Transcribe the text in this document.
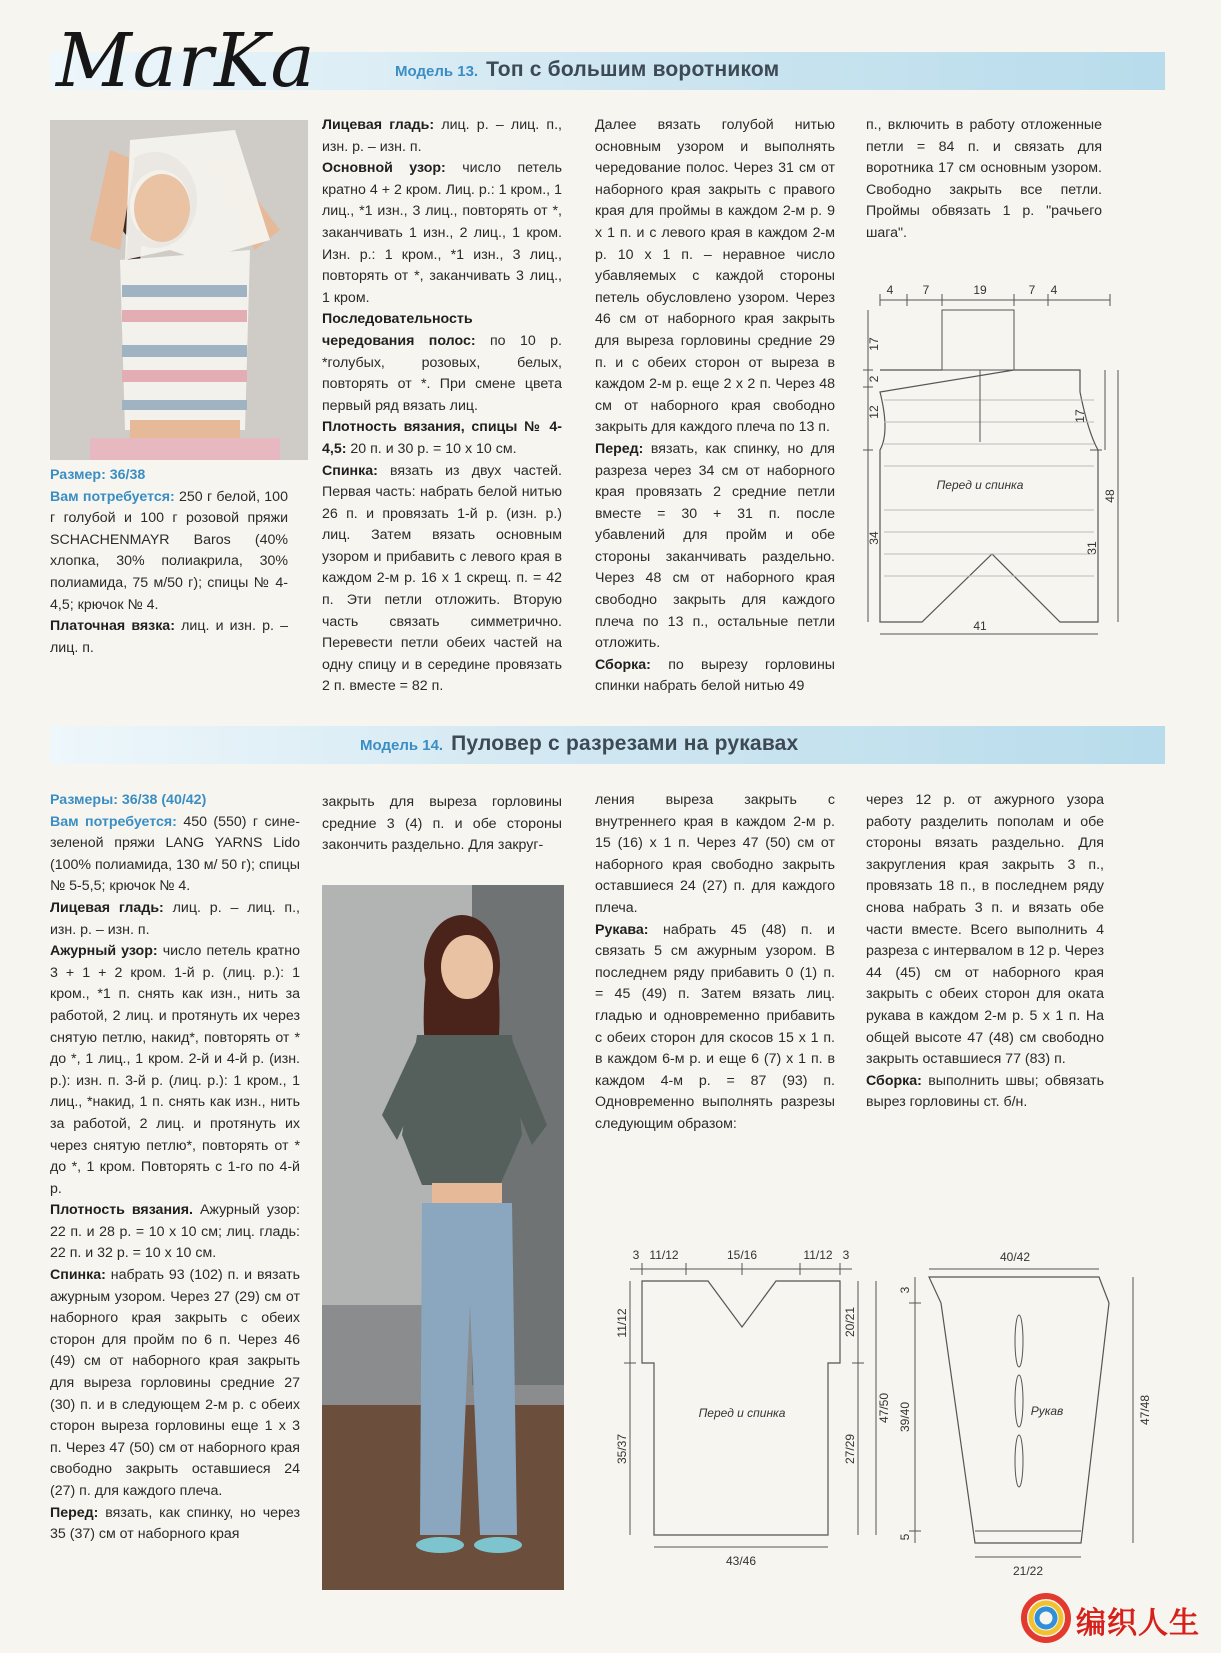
Модель 13. Топ с большим воротником
MarKa

Размер: 36/38

Вам потребуется: 250 г белой, 100 г голубой и 100 г розовой пряжи SCHACHENMAYR Baros (40% хлопка, 30% полиакрила, 30% полиамида, 75 м/50 г); спицы № 4-4,5; крючок № 4.

Платочная вязка: лиц. и изн. р. – лиц. п.

Лицевая гладь: лиц. р. – лиц. п., изн. р. – изн. п.

Основной узор: число петель кратно 4 + 2 кром. Лиц. р.: 1 кром., 1 лиц., *1 изн., 3 лиц., повторять от *, заканчивать 1 изн., 2 лиц., 1 кром. Изн. р.: 1 кром., *1 изн., 3 лиц., повторять от *, заканчивать 3 лиц., 1 кром.

Последовательность чередования полос: по 10 р. *голубых, розовых, белых, повторять от *. При смене цвета первый ряд вязать лиц.

Плотность вязания, спицы № 4-4,5: 20 п. и 30 р. = 10 х 10 см.

Спинка: вязать из двух частей. Первая часть: набрать белой нитью 26 п. и провязать 1-й р. (изн. р.) лиц. Затем вязать основным узором и прибавить с левого края в каждом 2-м р. 16 х 1 скрещ. п. = 42 п. Эти петли отложить. Вторую часть связать симметрично. Перевести петли обеих частей на одну спицу и в середине провязать 2 п. вместе = 82 п.

Далее вязать голубой нитью основным узором и выполнять чередование полос. Через 31 см от наборного края закрыть с правого края для проймы в каждом 2-м р. 9 х 1 п. и с левого края в каждом 2-м р. 10 х 1 п. – неравное число убавляемых с каждой стороны петель обусловлено узором. Через 46 см от наборного края закрыть для выреза горловины средние 29 п. и с обеих сторон от выреза в каждом 2-м р. еще 2 х 2 п. Через 48 см от наборного края свободно закрыть для каждого плеча по 13 п.

Перед: вязать, как спинку, но для разреза через 34 см от наборного края провязать 2 средние петли вместе = 30 + 31 п. после убавлений для пройм и обе стороны заканчивать раздельно. Через 48 см от наборного края свободно закрыть для каждого плеча по 13 п., остальные петли отложить.

Сборка: по вырезу горловины спинки набрать белой нитью 49

п., включить в работу отложенные петли = 84 п. и связать для воротника 17 см основным узором. Свободно закрыть все петли. Проймы обвязать 1 р. "рачьего шага".

4 7	19	7 4
17
2
12
34
17
48
31
41
Перед и спинка
Модель 14. Пуловер с разрезами на рукавах

Размеры: 36/38 (40/42)

Вам потребуется: 450 (550) г сине-зеленой пряжи LANG YARNS Lido (100% полиамида, 130 м/ 50 г); спицы № 5-5,5; крючок № 4.

Лицевая гладь: лиц. р. – лиц. п., изн. р. – изн. п.

Ажурный узор: число петель кратно 3 + 1 + 2 кром. 1-й р. (лиц. р.): 1 кром., *1 п. снять как изн., нить за работой, 2 лиц. и протянуть их через снятую петлю, накид*, повторять от * до *, 1 лиц., 1 кром. 2-й и 4-й р. (изн. р.): изн. п. 3-й р. (лиц. р.): 1 кром., 1 лиц., *накид, 1 п. снять как изн., нить за работой, 2 лиц. и протянуть их через снятую петлю*, повторять от * до *, 1 кром. Повторять с 1-го по 4-й р.

Плотность вязания. Ажурный узор: 22 п. и 28 р. = 10 х 10 см; лиц. гладь: 22 п. и 32 р. = 10 х 10 см.

Спинка: набрать 93 (102) п. и вязать ажурным узором. Через 27 (29) см от наборного края закрыть с обеих сторон для пройм по 6 п. Через 46 (49) см от наборного края закрыть для выреза горловины средние 27 (30) п. и в следующем 2-м р. с обеих сторон выреза горловины еще 1 х 3 п. Через 47 (50) см от наборного края свободно закрыть оставшиеся 24 (27) п. для каждого плеча.

Перед: вязать, как спинку, но через 35 (37) см от наборного края

закрыть для выреза горловины средние 3 (4) п. и обе стороны закончить раздельно. Для закруг-

ления выреза закрыть с внутреннего края в каждом 2-м р. 15 (16) х 1 п. Через 47 (50) см от наборного края свободно закрыть оставшиеся 24 (27) п. для каждого плеча.

Рукава: набрать 45 (48) п. и связать 5 см ажурным узором. В последнем ряду прибавить 0 (1) п. = 45 (49) п. Затем вязать лиц. гладью и одновременно прибавить с обеих сторон для скосов 15 х 1 п. в каждом 6-м р. и еще 6 (7) х 1 п. в каждом 4-м р. = 87 (93) п. Одновременно выполнять разрезы следующим образом:

через 12 р. от ажурного узора работу разделить пополам и обе стороны вязать раздельно. Для закругления края закрыть 3 п., провязать 18 п., в последнем ряду снова набрать 3 п. и вязать обе части вместе. Всего выполнить 4 разреза с интервалом в 12 р. Через 44 (45) см от наборного края закрыть с обеих сторон для оката рукава в каждом 2-м р. 5 х 1 п. На общей высоте 47 (48) см свободно закрыть оставшиеся 77 (83) п.

Сборка: выполнить швы; обвязать вырез горловины ст. б/н.

3 11/12	15/16	11/12 3
11/12
35/37
20/21
47/50
27/29
43/46
Перед и спинка
40/42
3
39/40
5
47/48
21/22
Рукав
编织人生
